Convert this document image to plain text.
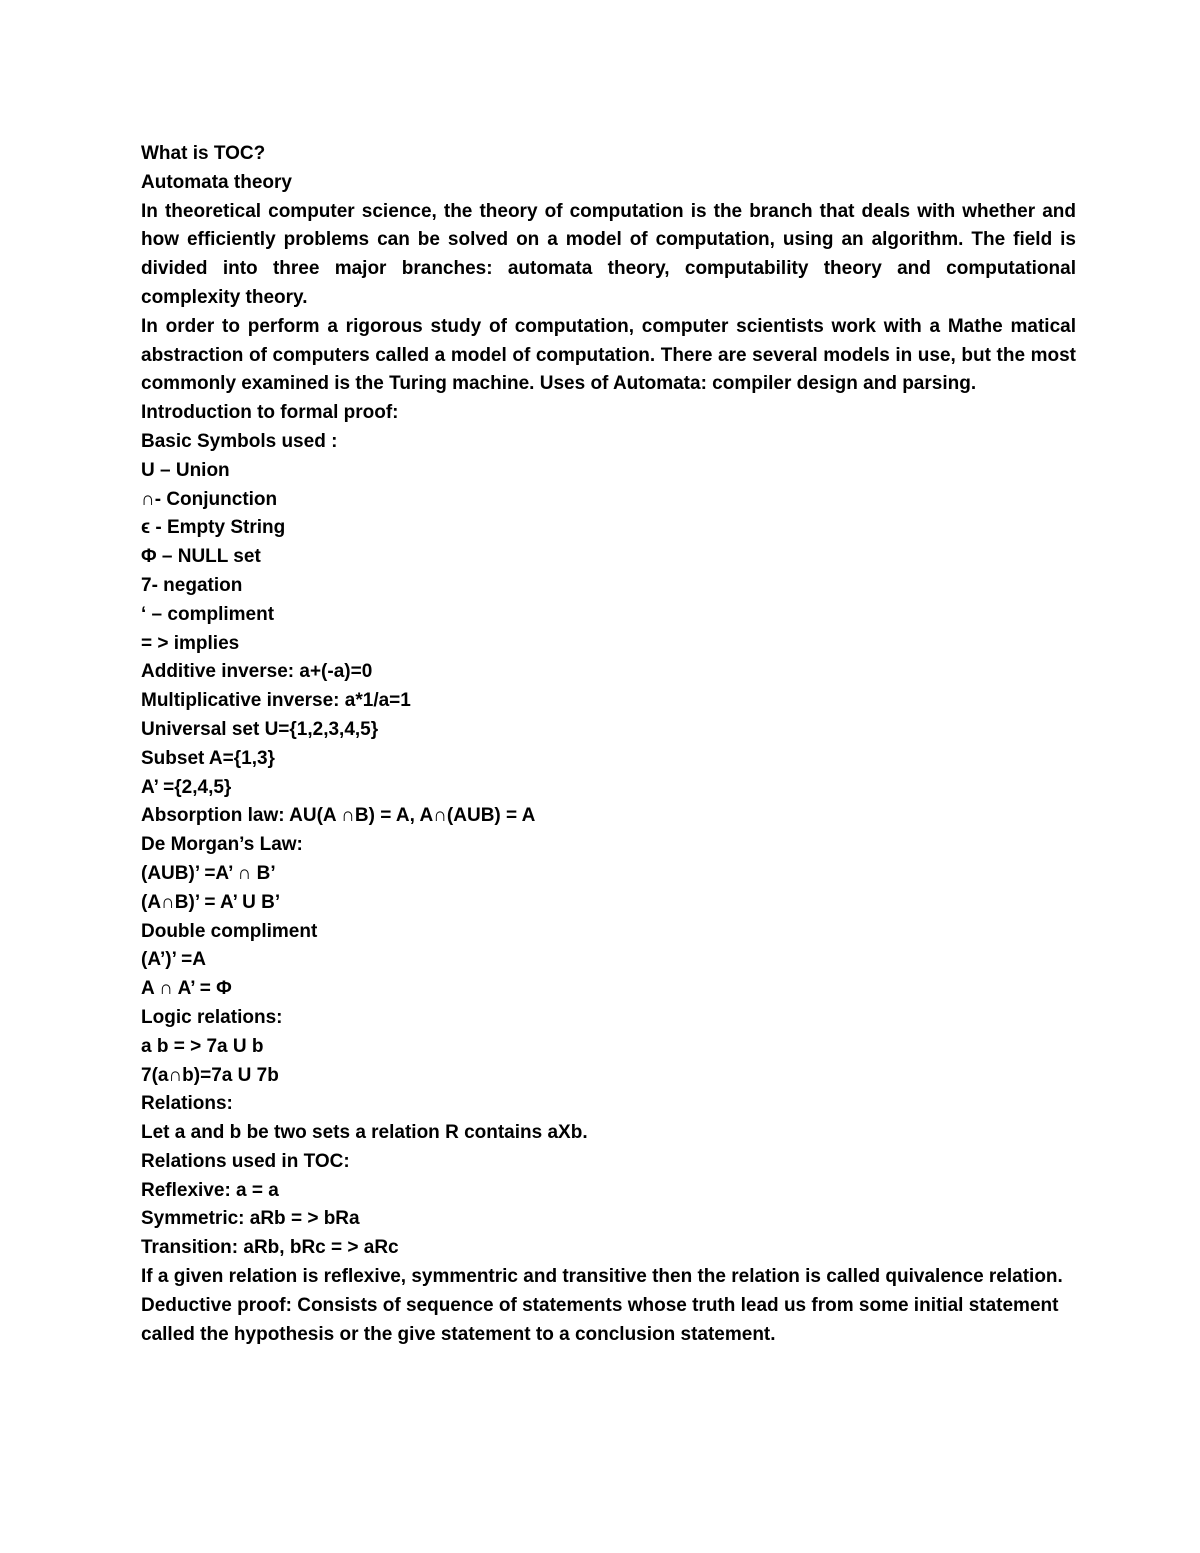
What is TOC?

Automata theory

In theoretical computer science, the theory of computation is the branch that deals with whether and how efficiently problems can be solved on a model of computation, using an algorithm. The field is divided into three major branches: automata theory, computability theory and computational complexity theory.

In order to perform a rigorous study of computation, computer scientists work with a Mathe matical abstraction of computers called a model of computation. There are several models in use, but the most commonly examined is the Turing machine. Uses of Automata: compiler design and parsing.

Introduction to formal proof:

Basic Symbols used :

U – Union

∩- Conjunction

ϵ - Empty String

Φ – NULL set

7- negation

‘ – compliment

= > implies

Additive inverse: a+(-a)=0

Multiplicative inverse: a*1/a=1

Universal set U={1,2,3,4,5}

Subset A={1,3}

A’ ={2,4,5}

Absorption law: AU(A ∩B) = A, A∩(AUB) = A

De Morgan’s Law:

(AUB)’ =A’ ∩ B’

(A∩B)’ = A’ U B’

Double compliment

(A’)’ =A

A ∩ A’ = Φ

Logic relations:

a b = > 7a U b

7(a∩b)=7a U 7b

Relations:

Let a and b be two sets a relation R contains aXb.

Relations used in TOC:

Reflexive: a = a

Symmetric: aRb = > bRa

Transition: aRb, bRc = > aRc

If a given relation is reflexive, symmentric and transitive then the relation is called quivalence relation.

Deductive proof: Consists of sequence of statements whose truth lead us from some initial statement called the hypothesis or the give statement to a conclusion statement.
